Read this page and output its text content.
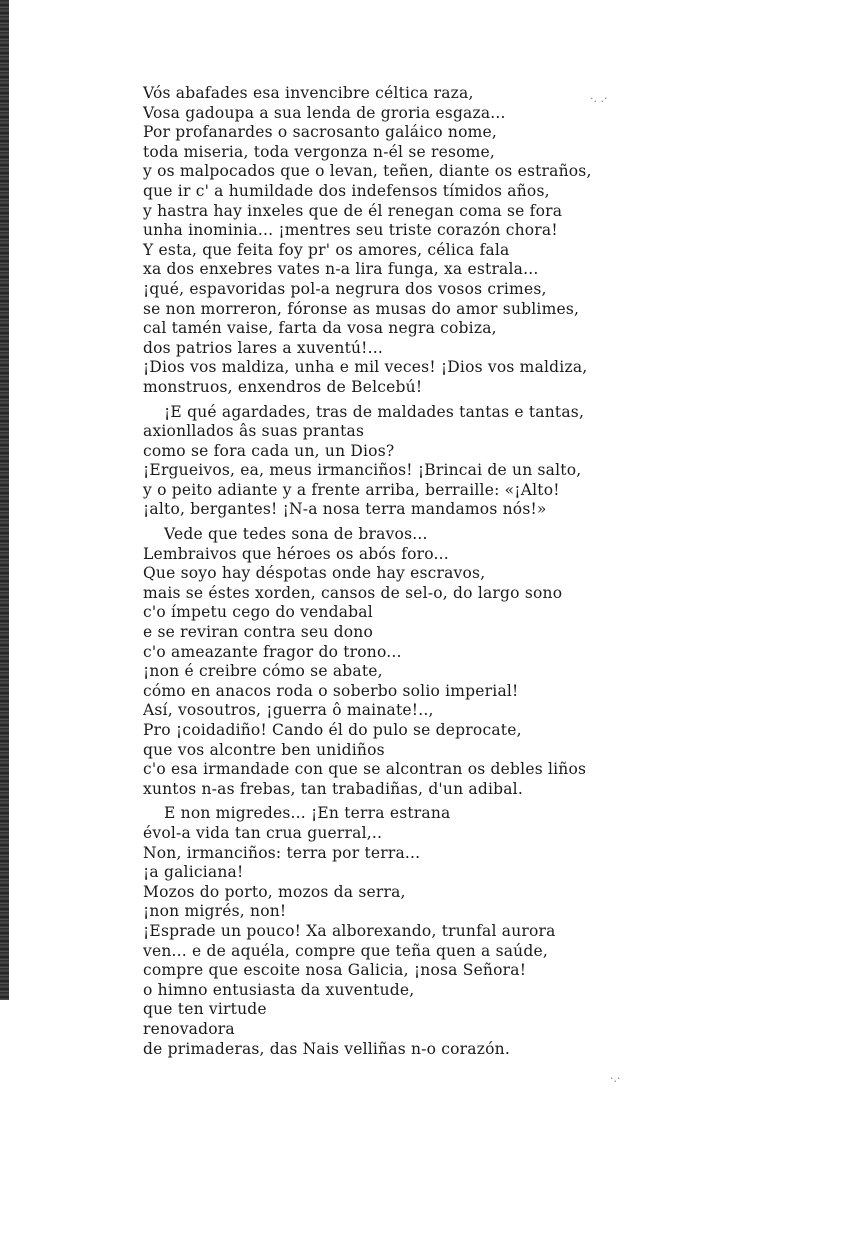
Vós abafades esa invencibre céltica raza,
Vosa gadoupa a sua lenda de groria esgaza...
Por profanardes o sacrosanto galáico nome,
toda miseria, toda vergonza n-él se resome,
y os malpocados que o levan, teñen, diante os estraños,
que ir c' a humildade dos indefensos tímidos años,
y hastra hay inxeles que de él renegan coma se fora
unha inominia... ¡mentres seu triste corazón chora!
Y esta, que feita foy pr' os amores, célica fala
xa dos enxebres vates n-a lira funga, xa estrala...
¡qué, espavoridas pol-a negrura dos vosos crimes,
se non morreron, fóronse as musas do amor sublimes,
cal tamén vaise, farta da vosa negra cobiza,
dos patrios lares a xuventú!...
¡Dios vos maldiza, unha e mil veces! ¡Dios vos maldiza,
monstruos, enxendros de Belcebú!
¡E qué agardades, tras de maldades tantas e tantas,
axionllados âs suas prantas
como se fora cada un, un Dios?
¡Ergueivos, ea, meus irmanciños! ¡Brincai de un salto,
y o peito adiante y a frente arriba, berraille: «¡Alto!
¡alto, bergantes! ¡N-a nosa terra mandamos nós!»
Vede que tedes sona de bravos...
Lembraivos que héroes os abós foro...
Que soyo hay déspotas onde hay escravos,
mais se éstes xorden, cansos de sel-o, do largo sono
c'o ímpetu cego do vendabal
e se reviran contra seu dono
c'o ameazante fragor do trono...
¡non é creibre cómo se abate,
cómo en anacos roda o soberbo solio imperial!
Así, vosoutros, ¡guerra ô mainate!..,
Pro ¡coidadiño! Cando él do pulo se deprocate,
que vos alcontre ben unidiños
c'o esa irmandade con que se alcontran os debles liños
xuntos n-as frebas, tan trabadiñas, d'un adibal.
E non migredes... ¡En terra estrana
évol-a vida tan crua guerral,..
Non, irmanciños: terra por terra...
¡a galiciana!
Mozos do porto, mozos da serra,
¡non migrés, non!
¡Esprade un pouco! Xa alborexando, trunfal aurora
ven... e de aquéla, compre que teña quen a saúde,
compre que escoite nosa Galicia, ¡nosa Señora!
o himno entusiasta da xuventude,
que ten virtude
renovadora
de primaderas, das Nais velliñas n-o corazón.
·. .·
·.·
